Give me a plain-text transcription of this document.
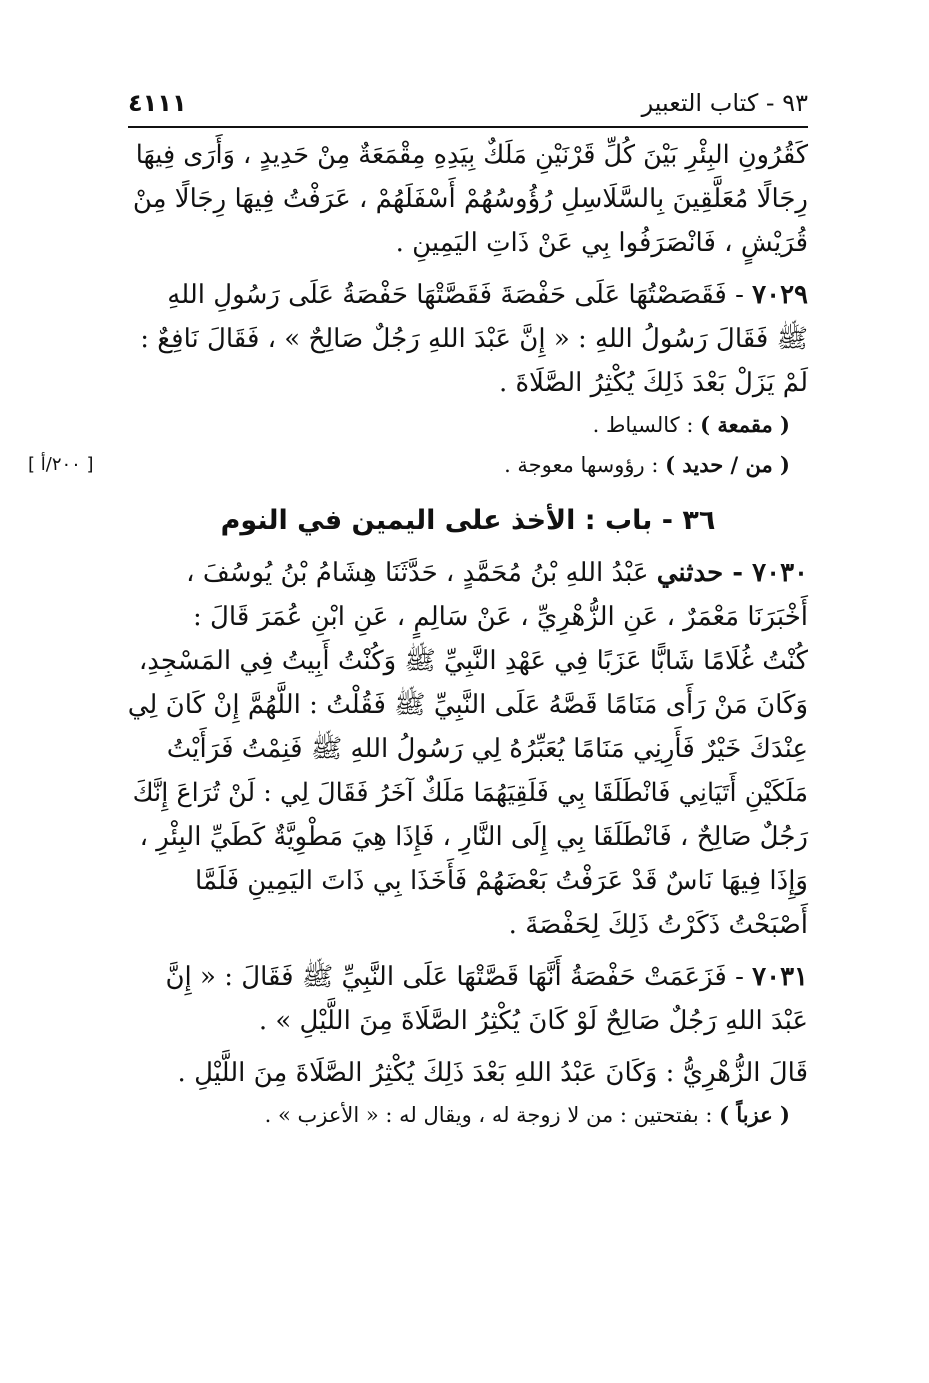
٩٣ - كتاب التعبير
٤١١١

كَقُرُونِ البِئْرِ بَيْنَ كُلِّ قَرْنَيْنِ مَلَكٌ بِيَدِهِ مِقْمَعَةٌ مِنْ حَدِيدٍ ، وَأَرَى فِيهَا

رِجَالًا مُعَلَّقِينَ بِالسَّلَاسِلِ رُؤُوسُهُمْ أَسْفَلَهُمْ ، عَرَفْتُ فِيهَا رِجَالًا مِنْ

قُرَيْشٍ ، فَانْصَرَفُوا بِي عَنْ ذَاتِ اليَمِينِ .

٧٠٢٩ - فَقَصَصْتُهَا عَلَى حَفْصَةَ فَقَصَّتْهَا حَفْصَةُ عَلَى رَسُولِ اللهِ

ﷺ فَقَالَ رَسُولُ اللهِ : « إِنَّ عَبْدَ اللهِ رَجُلٌ صَالِحٌ » ، فَقَالَ نَافِعٌ :

لَمْ يَزَلْ بَعْدَ ذَلِكَ يُكْثِرُ الصَّلَاةَ .

( مقمعة ) : كالسياط .

( من / حديد ) : رؤوسها معوجة .

[ ٢٠٠/أ ]
٣٦ - باب : الأخذ على اليمين في النوم

٧٠٣٠ - حدثني عَبْدُ اللهِ بْنُ مُحَمَّدٍ ، حَدَّثَنَا هِشَامُ بْنُ يُوسُفَ ،

أَخْبَرَنَا مَعْمَرٌ ، عَنِ الزُّهْرِيِّ ، عَنْ سَالِمٍ ، عَنِ ابْنِ عُمَرَ قَالَ :

كُنْتُ غُلَامًا شَابًّا عَزَبًا فِي عَهْدِ النَّبِيِّ ﷺ وَكُنْتُ أَبِيتُ فِي المَسْجِدِ،

وَكَانَ مَنْ رَأَى مَنَامًا قَصَّهُ عَلَى النَّبِيِّ ﷺ فَقُلْتُ : اللَّهُمَّ إِنْ كَانَ لِي

عِنْدَكَ خَيْرٌ فَأَرِنِي مَنَامًا يُعَبِّرُهُ لِي رَسُولُ اللهِ ﷺ فَنِمْتُ فَرَأَيْتُ

مَلَكَيْنِ أَتَيَانِي فَانْطَلَقَا بِي فَلَقِيَهُمَا مَلَكٌ آخَرُ فَقَالَ لِي : لَنْ تُرَاعَ إِنَّكَ

رَجُلٌ صَالِحٌ ، فَانْطَلَقَا بِي إِلَى النَّارِ ، فَإِذَا هِيَ مَطْوِيَّةٌ كَطَيِّ البِئْرِ ،

وَإِذَا فِيهَا نَاسٌ قَدْ عَرَفْتُ بَعْضَهُمْ فَأَخَذَا بِي ذَاتَ اليَمِينِ فَلَمَّا

أَصْبَحْتُ ذَكَرْتُ ذَلِكَ لِحَفْصَةَ .

٧٠٣١ - فَزَعَمَتْ حَفْصَةُ أَنَّهَا قَصَّتْهَا عَلَى النَّبِيِّ ﷺ فَقَالَ : « إِنَّ

عَبْدَ اللهِ رَجُلٌ صَالِحٌ لَوْ كَانَ يُكْثِرُ الصَّلَاةَ مِنَ اللَّيْلِ » .

قَالَ الزُّهْرِيُّ : وَكَانَ عَبْدُ اللهِ بَعْدَ ذَلِكَ يُكْثِرُ الصَّلَاةَ مِنَ اللَّيْلِ .

( عزباً ) : بفتحتين : من لا زوجة له ، ويقال له : « الأعزب » .
